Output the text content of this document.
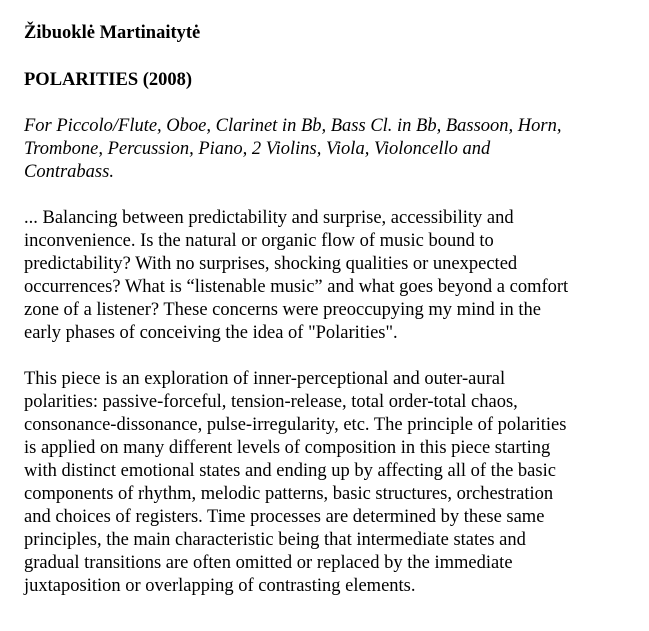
Žibuoklė Martinaitytė

POLARITIES (2008)

For Piccolo/Flute, Oboe, Clarinet in Bb, Bass Cl. in Bb, Bassoon, Horn,
Trombone, Percussion, Piano, 2 Violins, Viola, Violoncello and
Contrabass.

... Balancing between predictability and surprise, accessibility and
inconvenience. Is the natural or organic flow of music bound to
predictability? With no surprises, shocking qualities or unexpected
occurrences? What is “listenable music” and what goes beyond a comfort
zone of a listener? These concerns were preoccupying my mind in the
early phases of conceiving the idea of "Polarities".

This piece is an exploration of inner-perceptional and outer-aural
polarities: passive-forceful, tension-release, total order-total chaos,
consonance-dissonance, pulse-irregularity, etc. The principle of polarities
is applied on many different levels of composition in this piece starting
with distinct emotional states and ending up by affecting all of the basic
components of rhythm, melodic patterns, basic structures, orchestration
and choices of registers. Time processes are determined by these same
principles, the main characteristic being that intermediate states and
gradual transitions are often omitted or replaced by the immediate
juxtaposition or overlapping of contrasting elements.
